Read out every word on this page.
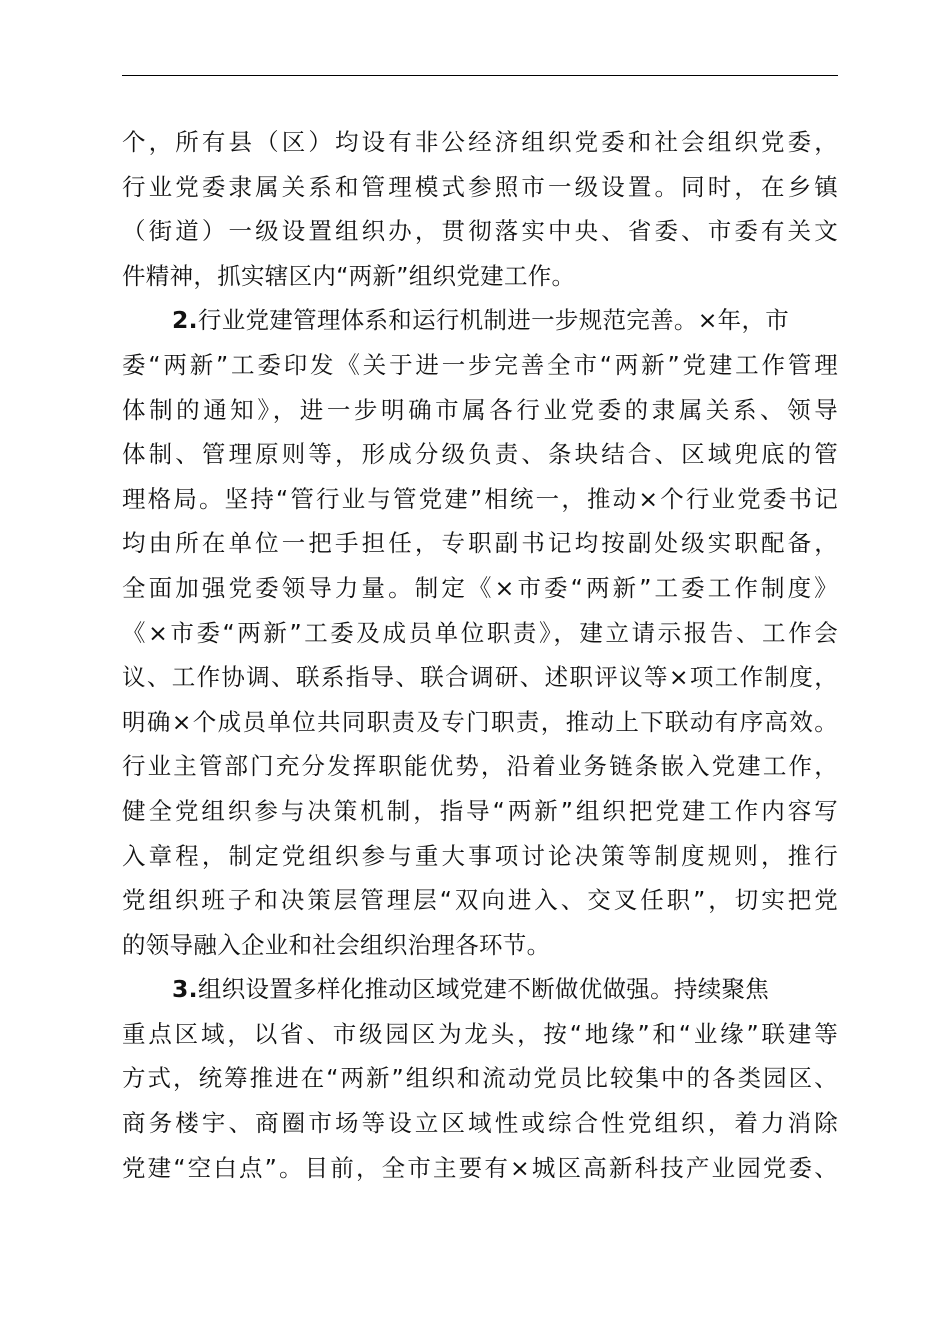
个，所有县（区）均设有非公经济组织党委和社会组织党委，
行业党委隶属关系和管理模式参照市一级设置。同时，在乡镇
（街道）一级设置组织办，贯彻落实中央、省委、市委有关文
件精神，抓实辖区内“两新”组织党建工作。
2.行业党建管理体系和运行机制进一步规范完善。×年，市
委“两新”工委印发《关于进一步完善全市“两新”党建工作管理
体制的通知》，进一步明确市属各行业党委的隶属关系、领导
体制、管理原则等，形成分级负责、条块结合、区域兜底的管
理格局。坚持“管行业与管党建”相统一，推动×个行业党委书记
均由所在单位一把手担任，专职副书记均按副处级实职配备，
全面加强党委领导力量。制定《×市委“两新”工委工作制度》
《×市委“两新”工委及成员单位职责》，建立请示报告、工作会
议、工作协调、联系指导、联合调研、述职评议等×项工作制度，
明确×个成员单位共同职责及专门职责，推动上下联动有序高效。
行业主管部门充分发挥职能优势，沿着业务链条嵌入党建工作，
健全党组织参与决策机制，指导“两新”组织把党建工作内容写
入章程，制定党组织参与重大事项讨论决策等制度规则，推行
党组织班子和决策层管理层“双向进入、交叉任职”，切实把党
的领导融入企业和社会组织治理各环节。
3.组织设置多样化推动区域党建不断做优做强。持续聚焦
重点区域，以省、市级园区为龙头，按“地缘”和“业缘”联建等
方式，统筹推进在“两新”组织和流动党员比较集中的各类园区、
商务楼宇、商圈市场等设立区域性或综合性党组织，着力消除
党建“空白点”。目前，全市主要有×城区高新科技产业园党委、
